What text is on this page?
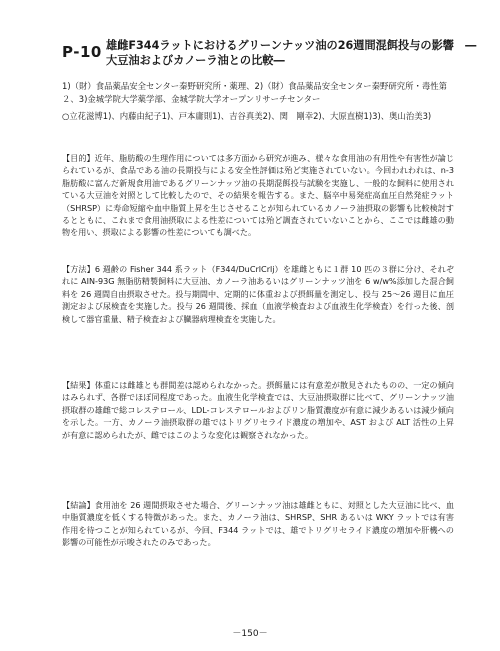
P-10 雄雌F344ラットにおけるグリーンナッツ油の26週間混餌投与の影響　―大豆油およびカノーラ油との比較―
1)（財）食品薬品安全センター秦野研究所・薬理、2)（財）食品薬品安全センター秦野研究所・毒性第２、3)金城学院大学薬学部、金城学院大学オープンリサーチセンター
○立花滋博1)、内藤由紀子1)、戸本庸則1)、吉谷真美2)、関　剛幸2)、大原直樹1)3)、奥山治美3)
【目的】近年、脂肪酸の生理作用については多方面から研究が進み、様々な食用油の有用性や有害性が論じられているが、食品である油の長期投与による安全性評価は殆ど実施されていない。今回われわれは、n-3 脂肪酸に富んだ新規食用油であるグリーンナッツ油の長期混餌投与試験を実施し、一般的な飼料に使用されている大豆油を対照として比較したので、その結果を報告する。また、脳卒中易発症高血圧自然発症ラット（SHRSP）に寿命短縮や血中脂質上昇を生じさせることが知られているカノーラ油摂取の影響も比較検討するとともに、これまで食用油摂取による性差については殆ど調査されていないことから、ここでは雌雄の動物を用い、摂取による影響の性差についても調べた。
【方法】6 週齢の Fisher 344 系ラット（F344/DuCrlCrlj）を雄雌ともに１群 10 匹の３群に分け、それぞれに AIN-93G 無脂肪精製飼料に大豆油、カノーラ油あるいはグリーンナッツ油を 6 w/w%添加した混合飼料を 26 週間自由摂取させた。投与期間中、定期的に体重および摂餌量を測定し、投与 25～26 週目に血圧測定および尿検査を実施した。投与 26 週間後、採血（血液学検査および血液生化学検査）を行った後、剖検して器官重量、精子検査および臓器病理検査を実施した。
【結果】体重には雌雄とも群間差は認められなかった。摂餌量には有意差が散見されたものの、一定の傾向はみられず、各群でほぼ同程度であった。血液生化学検査では、大豆油摂取群に比べて、グリーンナッツ油摂取群の雄雌で総コレステロール、LDL-コレステロールおよびリン脂質濃度が有意に減少あるいは減少傾向を示した。一方、カノーラ油摂取群の雄ではトリグリセライド濃度の増加や、AST および ALT 活性の上昇が有意に認められたが、雌ではこのような変化は観察されなかった。
【結論】食用油を 26 週間摂取させた場合、グリーンナッツ油は雄雌ともに、対照とした大豆油に比べ、血中脂質濃度を低くする特徴があった。また、カノーラ油は、SHRSP、SHR あるいは WKY ラットでは有害作用を待つことが知られているが、今回、F344 ラットでは、雄でトリグリセライド濃度の増加や肝機への影響の可能性が示唆されたのみであった。
－150－
